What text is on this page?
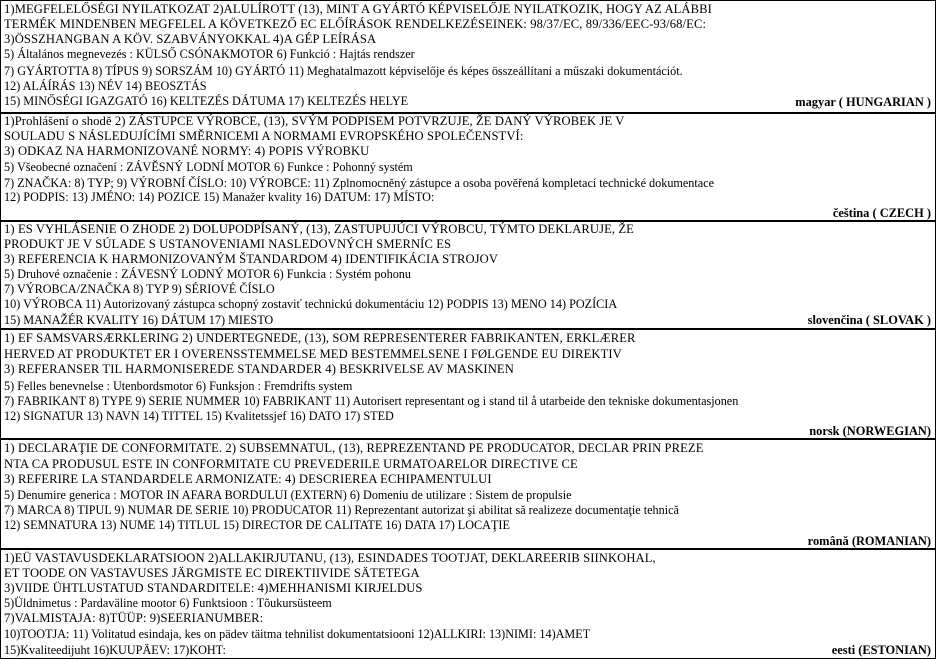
1)MEGFELELŐSÉGI NYILATKOZAT 2)ALULÍROTT (13), MINT A GYÁRTÓ KÉPVISELŐJE NYILATKOZIK, HOGY AZ ALÁBBI
TERMÉK MINDENBEN MEGFELEL A KÖVETKEZŐ EC ELŐÍRÁSOK RENDELKEZÉSEINEK: 98/37/EC, 89/336/EEC-93/68/EC:
3)ÖSSZHANGBAN A KÖV. SZABVÁNYOKKAL 4)A GÉP LEÍRÁSA
5) Általános megnevezés : KÜLSŐ CSÓNAKMOTOR 6) Funkció : Hajtás rendszer
7) GYÁRTOTTA 8) TÍPUS 9) SORSZÁM 10) GYÁRTÓ 11) Meghatalmazott képviselője és képes összeállítani a műszaki dokumentációt.
12) ALÁÍRÁS 13) NÉV 14) BEOSZTÁS
15) MINŐSÉGI IGAZGATÓ 16) KELTEZÉS DÁTUMA 17) KELTEZÉS HELYE	magyar ( HUNGARIAN )
1)Prohlášení o shodě 2) ZÁSTUPCE VÝROBCE, (13), SVÝM PODPISEM POTVRZUJE, ŽE DANÝ VÝROBEK JE V
SOULADU S NÁSLEDUJÍCÍMI SMĚRNICEMI A NORMAMI EVROPSKÉHO SPOLEČENSTVÍ:
3) ODKAZ NA HARMONIZOVANÉ NORMY: 4) POPIS VÝROBKU
5) Všeobecné označení : ZÁVĚSNÝ LODNÍ MOTOR 6) Funkce : Pohonný systém
7) ZNAČKA: 8) TYP; 9) VÝROBNÍ ČÍSLO: 10) VÝROBCE: 11) Zplnomocněný zástupce a osoba pověřená kompletací technické dokumentace
12) PODPIS: 13) JMÉNO: 14) POZICE 15) Manažer kvality 16) DATUM: 17) MÍSTO:
čeština ( CZECH )
1) ES VYHLÁSENIE O ZHODE 2) DOLUPODPÍSANÝ, (13), ZASTUPUJÚCI VÝROBCU, TÝMTO DEKLARUJE, ŽE
PRODUKT JE V SÚLADE S USTANOVENIAMI NASLEDOVNÝCH SMERNÍC ES
3) REFERENCIA K HARMONIZOVANÝM ŠTANDARDOM 4) IDENTIFIKÁCIA STROJOV
5) Druhové označenie : ZÁVESNÝ LODNÝ MOTOR 6) Funkcia : Systém pohonu
7) VÝROBCA/ZNAČKA 8) TYP 9) SÉRIOVÉ ČÍSLO
10) VÝROBCA 11) Autorizovaný zástupca schopný zostaviť technickú dokumentáciu 12) PODPIS 13) MENO 14) POZÍCIA
15) MANAŽÉR KVALITY 16) DÁTUM 17) MIESTO	slovenčina ( SLOVAK )
1) EF SAMSVARSÆRKLERING 2) UNDERTEGNEDE, (13), SOM REPRESENTERER FABRIKANTEN, ERKLÆRER
HERVED AT PRODUKTET ER I OVERENSSTEMMELSE MED BESTEMMELSENE I FØLGENDE EU DIREKTIV
3) REFERANSER TIL HARMONISEREDE STANDARDER 4) BESKRIVELSE AV MASKINEN
5) Felles benevnelse : Utenbordsmotor 6) Funksjon : Fremdrifts system
7) FABRIKANT 8) TYPE 9) SERIE NUMMER 10) FABRIKANT 11) Autorisert representant og i stand til å utarbeide den tekniske dokumentasjonen
12) SIGNATUR 13) NAVN 14) TITTEL 15) Kvalitetssjef 16) DATO 17) STED
norsk (NORWEGIAN)
1) DECLARAŢIE DE CONFORMITATE. 2) SUBSEMNATUL, (13), REPREZENTAND PE PRODUCATOR, DECLAR PRIN PREZE
NTA CA PRODUSUL ESTE IN CONFORMITATE CU PREVEDERILE URMATOARELOR DIRECTIVE CE
3) REFERIRE LA STANDARDELE ARMONIZATE: 4) DESCRIEREA ECHIPAMENTULUI
5) Denumire generica : MOTOR IN AFARA BORDULUI (EXTERN) 6) Domeniu de utilizare : Sistem de propulsie
7) MARCA 8) TIPUL 9) NUMAR DE SERIE 10) PRODUCATOR 11) Reprezentant autorizat şi abilitat să realizeze documentaţie tehnică
12) SEMNATURA 13) NUME 14) TITLUL 15) DIRECTOR DE CALITATE 16) DATA 17) LOCAŢIE
română (ROMANIAN)
1)EÜ VASTAVUSDEKLARATSIOON 2)ALLAKIRJUTANU, (13), ESINDADES TOOTJAT, DEKLAREERIB SIINKOHAL,
ET TOODE ON VASTAVUSES JÄRGMISTE EC DIREKTIIVIDE SÄTETEGA
3)VIIDE ÜHTLUSTATUD STANDARDITELE: 4)MEHHANISMI KIRJELDUS
5)Üldnimetus : Pardaväline mootor 6) Funktsioon : Tõukursüsteem
7)VALMISTAJA: 8)TÜÜP: 9)SEERIANUMBER:
10)TOOTJA: 11) Volitatud esindaja, kes on pädev täitma tehnilist dokumentatsiooni 12)ALLKIRI: 13)NIMI: 14)AMET
15)Kvaliteedijuht 16)KUUPÄEV: 17)KOHT:	eesti (ESTONIAN)
